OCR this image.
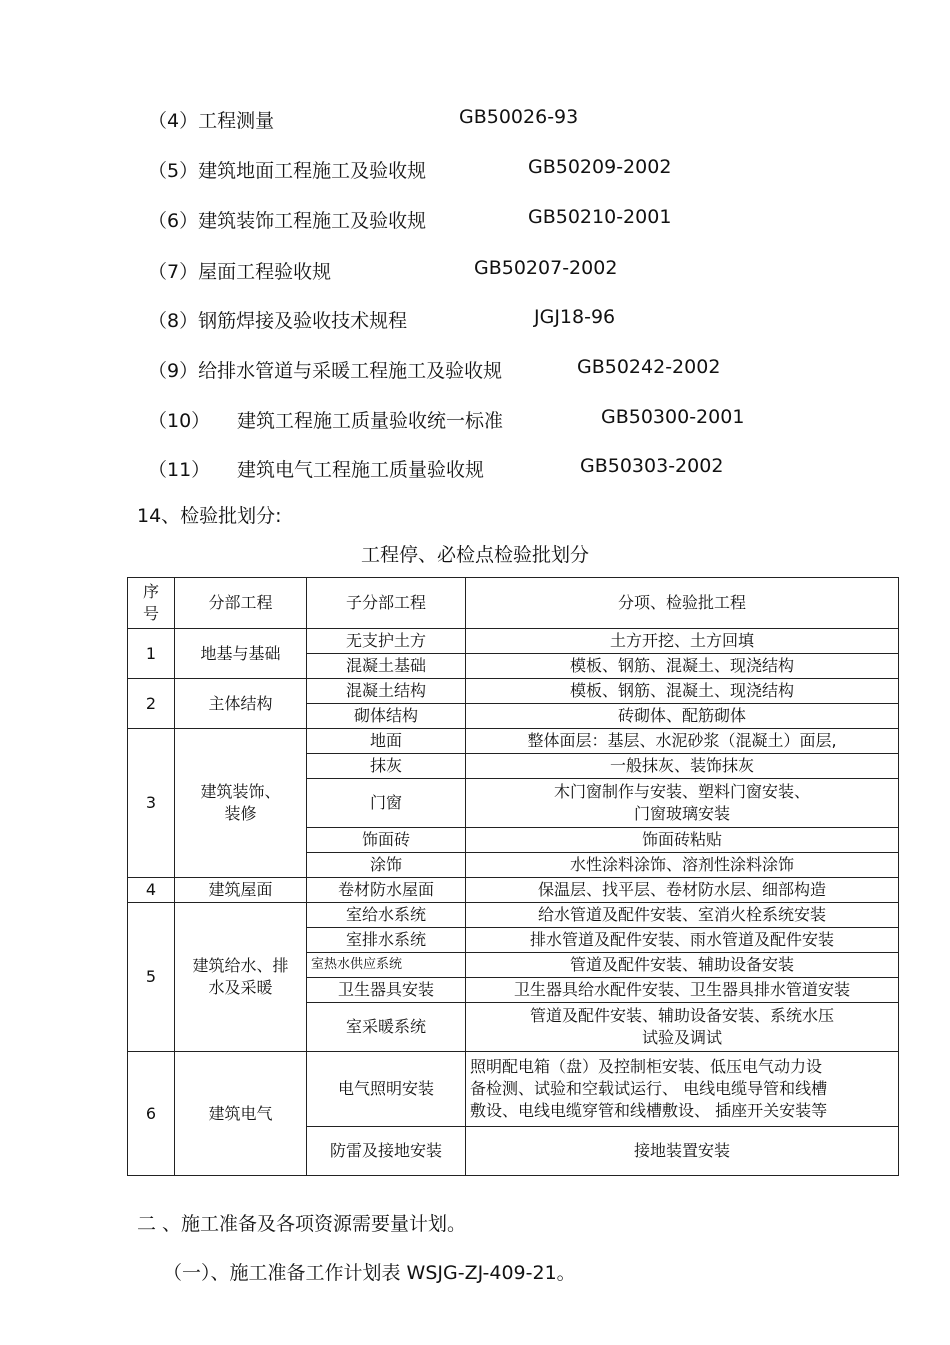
（4）工程测量	GB50026-93
（5）建筑地面工程施工及验收规	GB50209-2002
（6）建筑装饰工程施工及验收规	GB50210-2001
（7）屋面工程验收规	GB50207-2002
（8）钢筋焊接及验收技术规程	JGJ18-96
（9）给排水管道与采暖工程施工及验收规	GB50242-2002
（10） 建筑工程施工质量验收统一标准	GB50300-2001
（11） 建筑电气工程施工质量验收规	GB50303-2002
14、检验批划分:
工程停、必检点检验批划分
序
号	分部工程	子分部工程	分项、检验批工程
1	地基与基础	无支护土方	土方开挖、土方回填
		混凝土基础	模板、钢筋、混凝土、现浇结构
2	主体结构	混凝土结构	模板、钢筋、混凝土、现浇结构
		砌体结构	砖砌体、配筋砌体
3	建筑装饰、
装修	地面	整体面层：基层、水泥砂浆（混凝土）面层,
		抹灰	一般抹灰、装饰抹灰
		门窗	木门窗制作与安装、塑料门窗安装、
门窗玻璃安装

		饰面砖	饰面砖粘贴
		涂饰	水性涂料涂饰、溶剂性涂料涂饰
4	建筑屋面	卷材防水屋面	保温层、找平层、卷材防水层、细部构造
5	建筑给水、排
水及采暖	室给水系统	给水管道及配件安装、室消火栓系统安装
		室排水系统	排水管道及配件安装、雨水管道及配件安装
		室热水供应系统	管道及配件安装、辅助设备安装
		卫生器具安装	卫生器具给水配件安装、卫生器具排水管道安装
		室采暖系统	管道及配件安装、辅助设备安装、系统水压
试验及调试

6	建筑电气	电气照明安装	照明配电箱（盘）及控制柜安装、低压电气动力设
备检测、试验和空载试运行、 电线电缆导管和线槽
敷设、电线电缆穿管和线槽敷设、 插座开关安装等

		防雷及接地安装	接地装置安装
二 、施工准备及各项资源需要量计划。
（一）、施工准备工作计划表 WSJG-ZJ-409-21。
